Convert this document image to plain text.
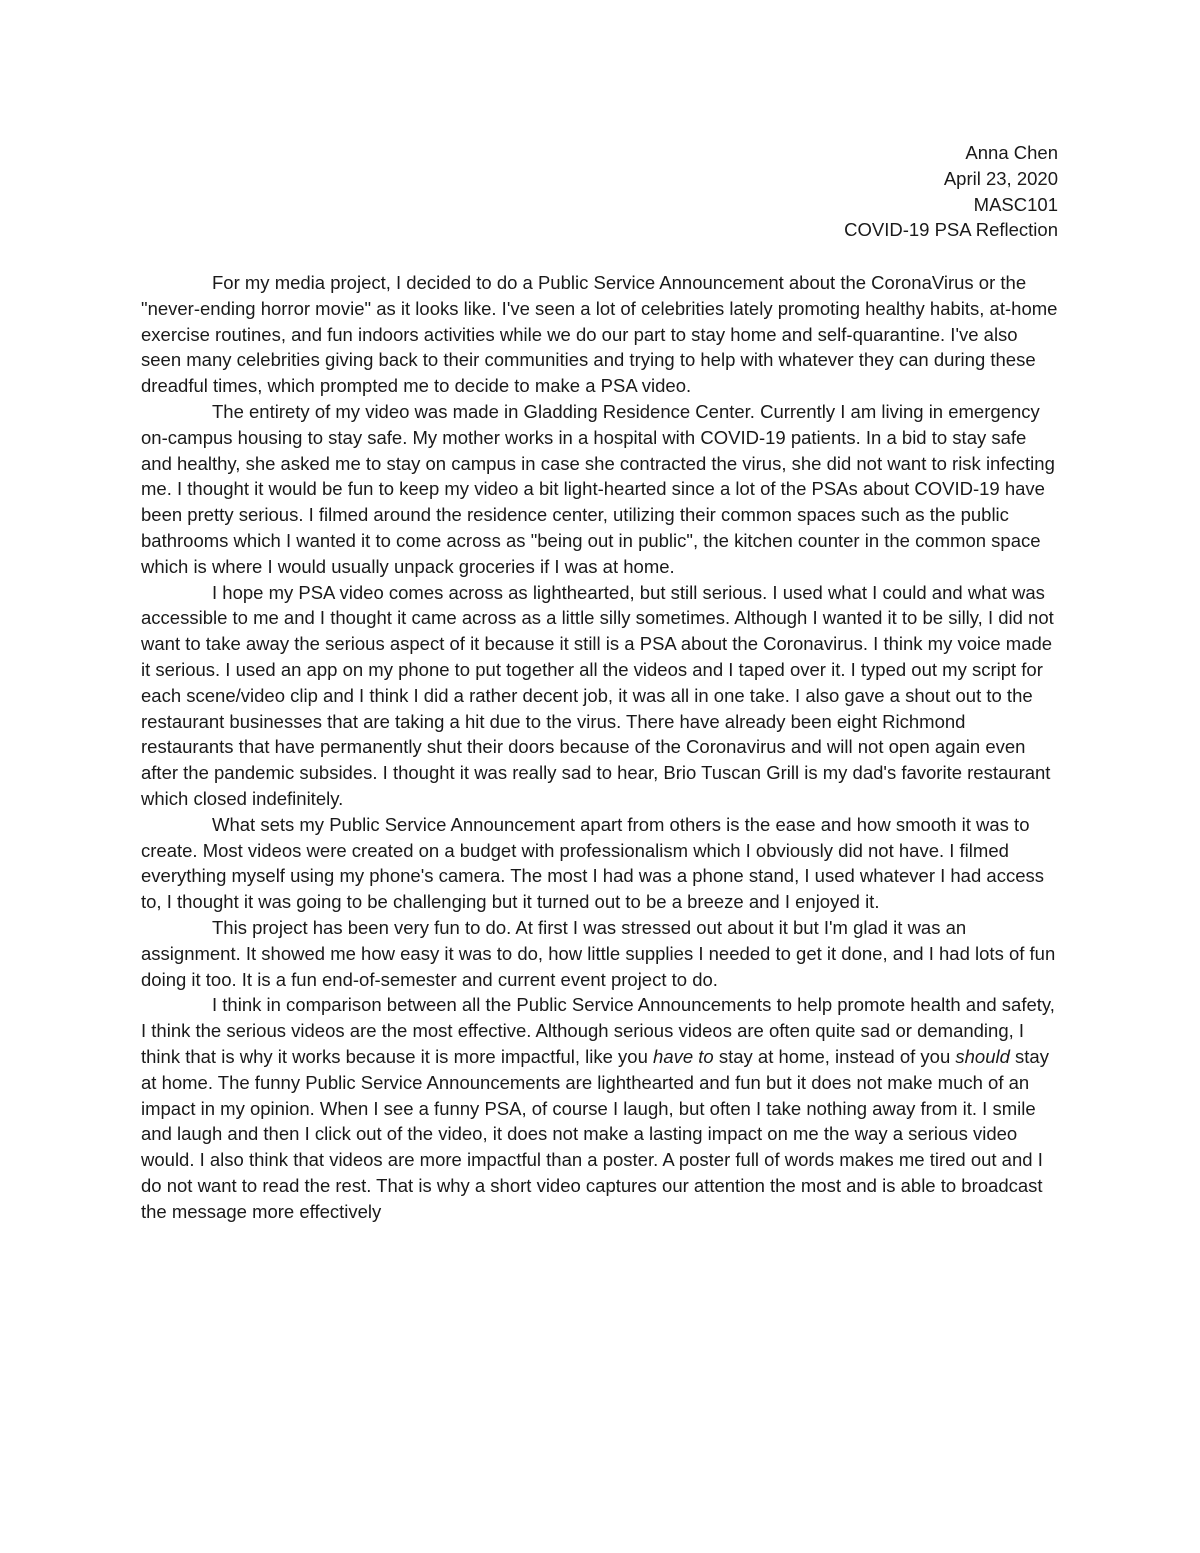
Anna Chen
April 23, 2020
MASC101
COVID-19 PSA Reflection

For my media project, I decided to do a Public Service Announcement about the CoronaVirus or the "never-ending horror movie" as it looks like. I've seen a lot of celebrities lately promoting healthy habits, at-home exercise routines, and fun indoors activities while we do our part to stay home and self-quarantine. I've also seen many celebrities giving back to their communities and trying to help with whatever they can during these dreadful times, which prompted me to decide to make a PSA video.

The entirety of my video was made in Gladding Residence Center. Currently I am living in emergency on-campus housing to stay safe. My mother works in a hospital with COVID-19 patients. In a bid to stay safe and healthy, she asked me to stay on campus in case she contracted the virus, she did not want to risk infecting me. I thought it would be fun to keep my video a bit light-hearted since a lot of the PSAs about COVID-19 have been pretty serious. I filmed around the residence center, utilizing their common spaces such as the public bathrooms which I wanted it to come across as "being out in public", the kitchen counter in the common space which is where I would usually unpack groceries if I was at home.

I hope my PSA video comes across as lighthearted, but still serious. I used what I could and what was accessible to me and I thought it came across as a little silly sometimes. Although I wanted it to be silly, I did not want to take away the serious aspect of it because it still is a PSA about the Coronavirus. I think my voice made it serious. I used an app on my phone to put together all the videos and I taped over it. I typed out my script for each scene/video clip and I think I did a rather decent job, it was all in one take. I also gave a shout out to the restaurant businesses that are taking a hit due to the virus. There have already been eight Richmond restaurants that have permanently shut their doors because of the Coronavirus and will not open again even after the pandemic subsides. I thought it was really sad to hear, Brio Tuscan Grill is my dad's favorite restaurant which closed indefinitely.

What sets my Public Service Announcement apart from others is the ease and how smooth it was to create. Most videos were created on a budget with professionalism which I obviously did not have. I filmed everything myself using my phone's camera. The most I had was a phone stand, I used whatever I had access to, I thought it was going to be challenging but it turned out to be a breeze and I enjoyed it.

This project has been very fun to do. At first I was stressed out about it but I'm glad it was an assignment. It showed me how easy it was to do, how little supplies I needed to get it done, and I had lots of fun doing it too. It is a fun end-of-semester and current event project to do.

I think in comparison between all the Public Service Announcements to help promote health and safety, I think the serious videos are the most effective. Although serious videos are often quite sad or demanding, I think that is why it works because it is more impactful, like you have to stay at home, instead of you should stay at home. The funny Public Service Announcements are lighthearted and fun but it does not make much of an impact in my opinion. When I see a funny PSA, of course I laugh, but often I take nothing away from it. I smile and laugh and then I click out of the video, it does not make a lasting impact on me the way a serious video would. I also think that videos are more impactful than a poster. A poster full of words makes me tired out and I do not want to read the rest. That is why a short video captures our attention the most and is able to broadcast the message more effectively
